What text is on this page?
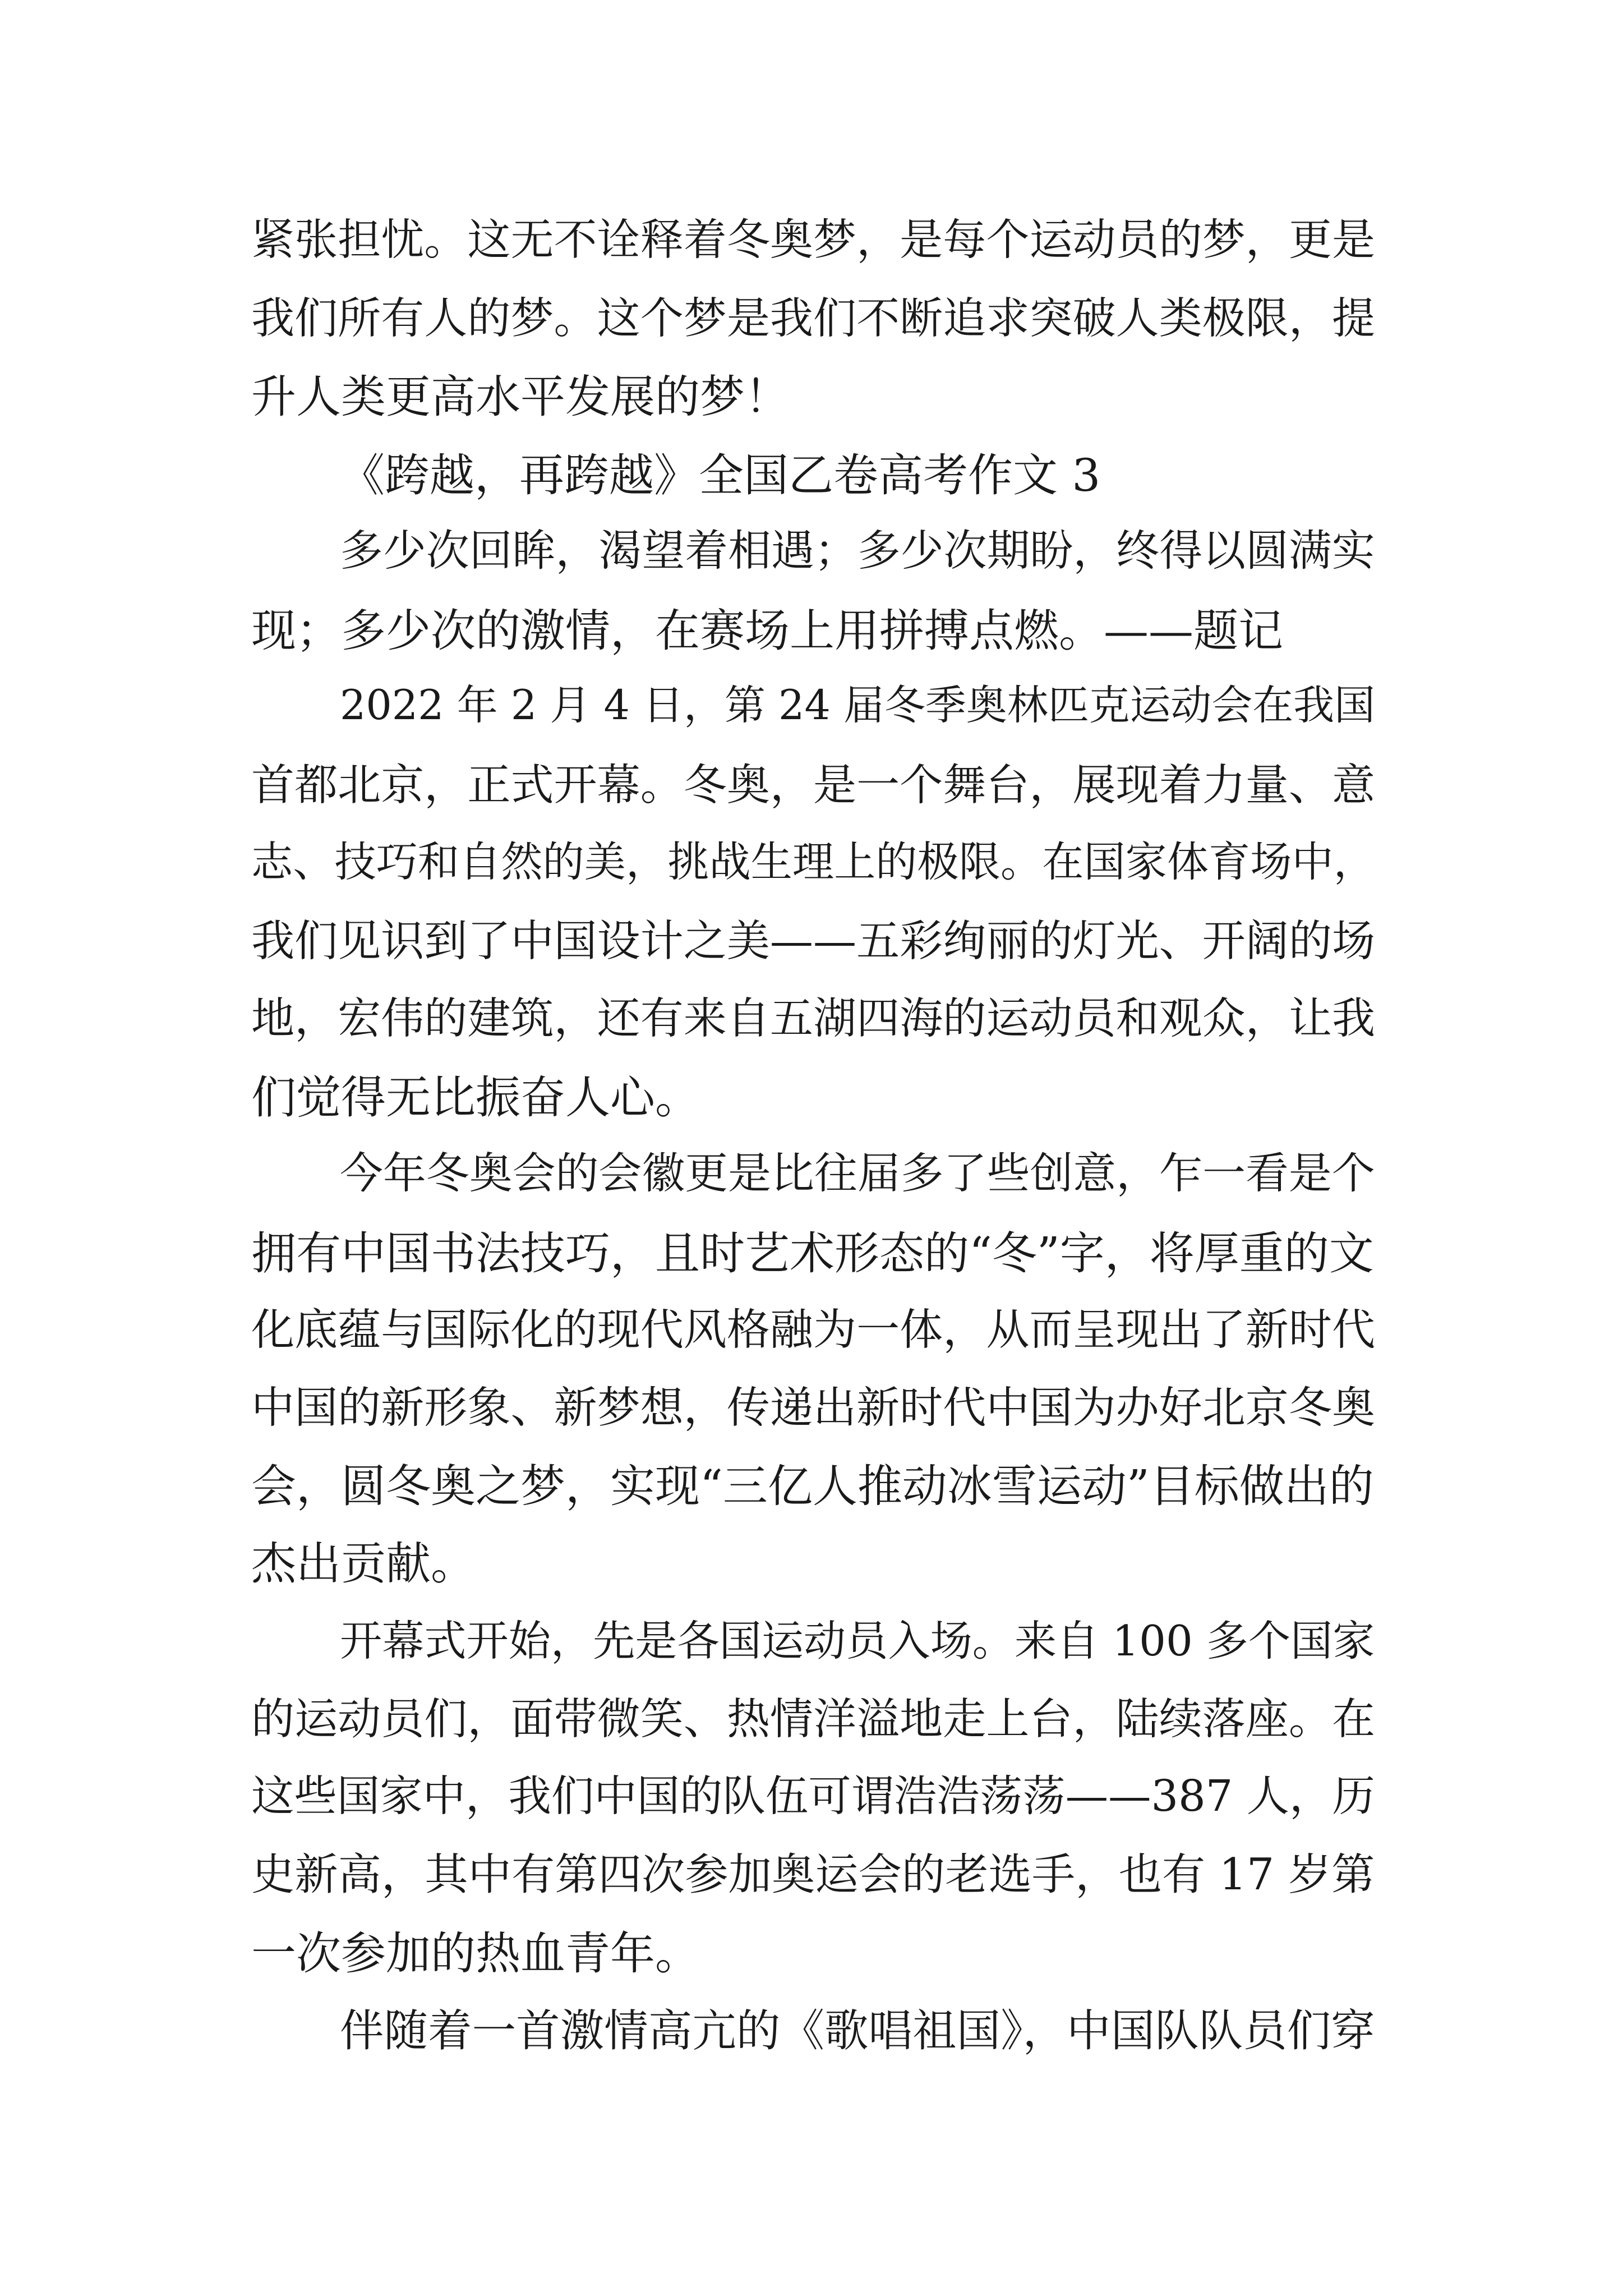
紧张担忧。这无不诠释着冬奥梦，是每个运动员的梦，更是
我们所有人的梦。这个梦是我们不断追求突破人类极限，提
升人类更高水平发展的梦！
《跨越，再跨越》全国乙卷高考作文 3
多少次回眸，渴望着相遇；多少次期盼，终得以圆满实
现；多少次的激情，在赛场上用拼搏点燃。——题记
2022 年 2 月 4 日，第 24 届冬季奥林匹克运动会在我国
首都北京，正式开幕。冬奥，是一个舞台，展现着力量、意
志、技巧和自然的美，挑战生理上的极限。在国家体育场中，
我们见识到了中国设计之美——五彩绚丽的灯光、开阔的场
地，宏伟的建筑，还有来自五湖四海的运动员和观众，让我
们觉得无比振奋人心。
今年冬奥会的会徽更是比往届多了些创意，乍一看是个
拥有中国书法技巧，且时艺术形态的“冬”字，将厚重的文
化底蕴与国际化的现代风格融为一体，从而呈现出了新时代
中国的新形象、新梦想，传递出新时代中国为办好北京冬奥
会，圆冬奥之梦，实现“三亿人推动冰雪运动”目标做出的
杰出贡献。
开幕式开始，先是各国运动员入场。来自 100 多个国家
的运动员们，面带微笑、热情洋溢地走上台，陆续落座。在
这些国家中，我们中国的队伍可谓浩浩荡荡——387 人，历
史新高，其中有第四次参加奥运会的老选手，也有 17 岁第
一次参加的热血青年。
伴随着一首激情高亢的《歌唱祖国》，中国队队员们穿
